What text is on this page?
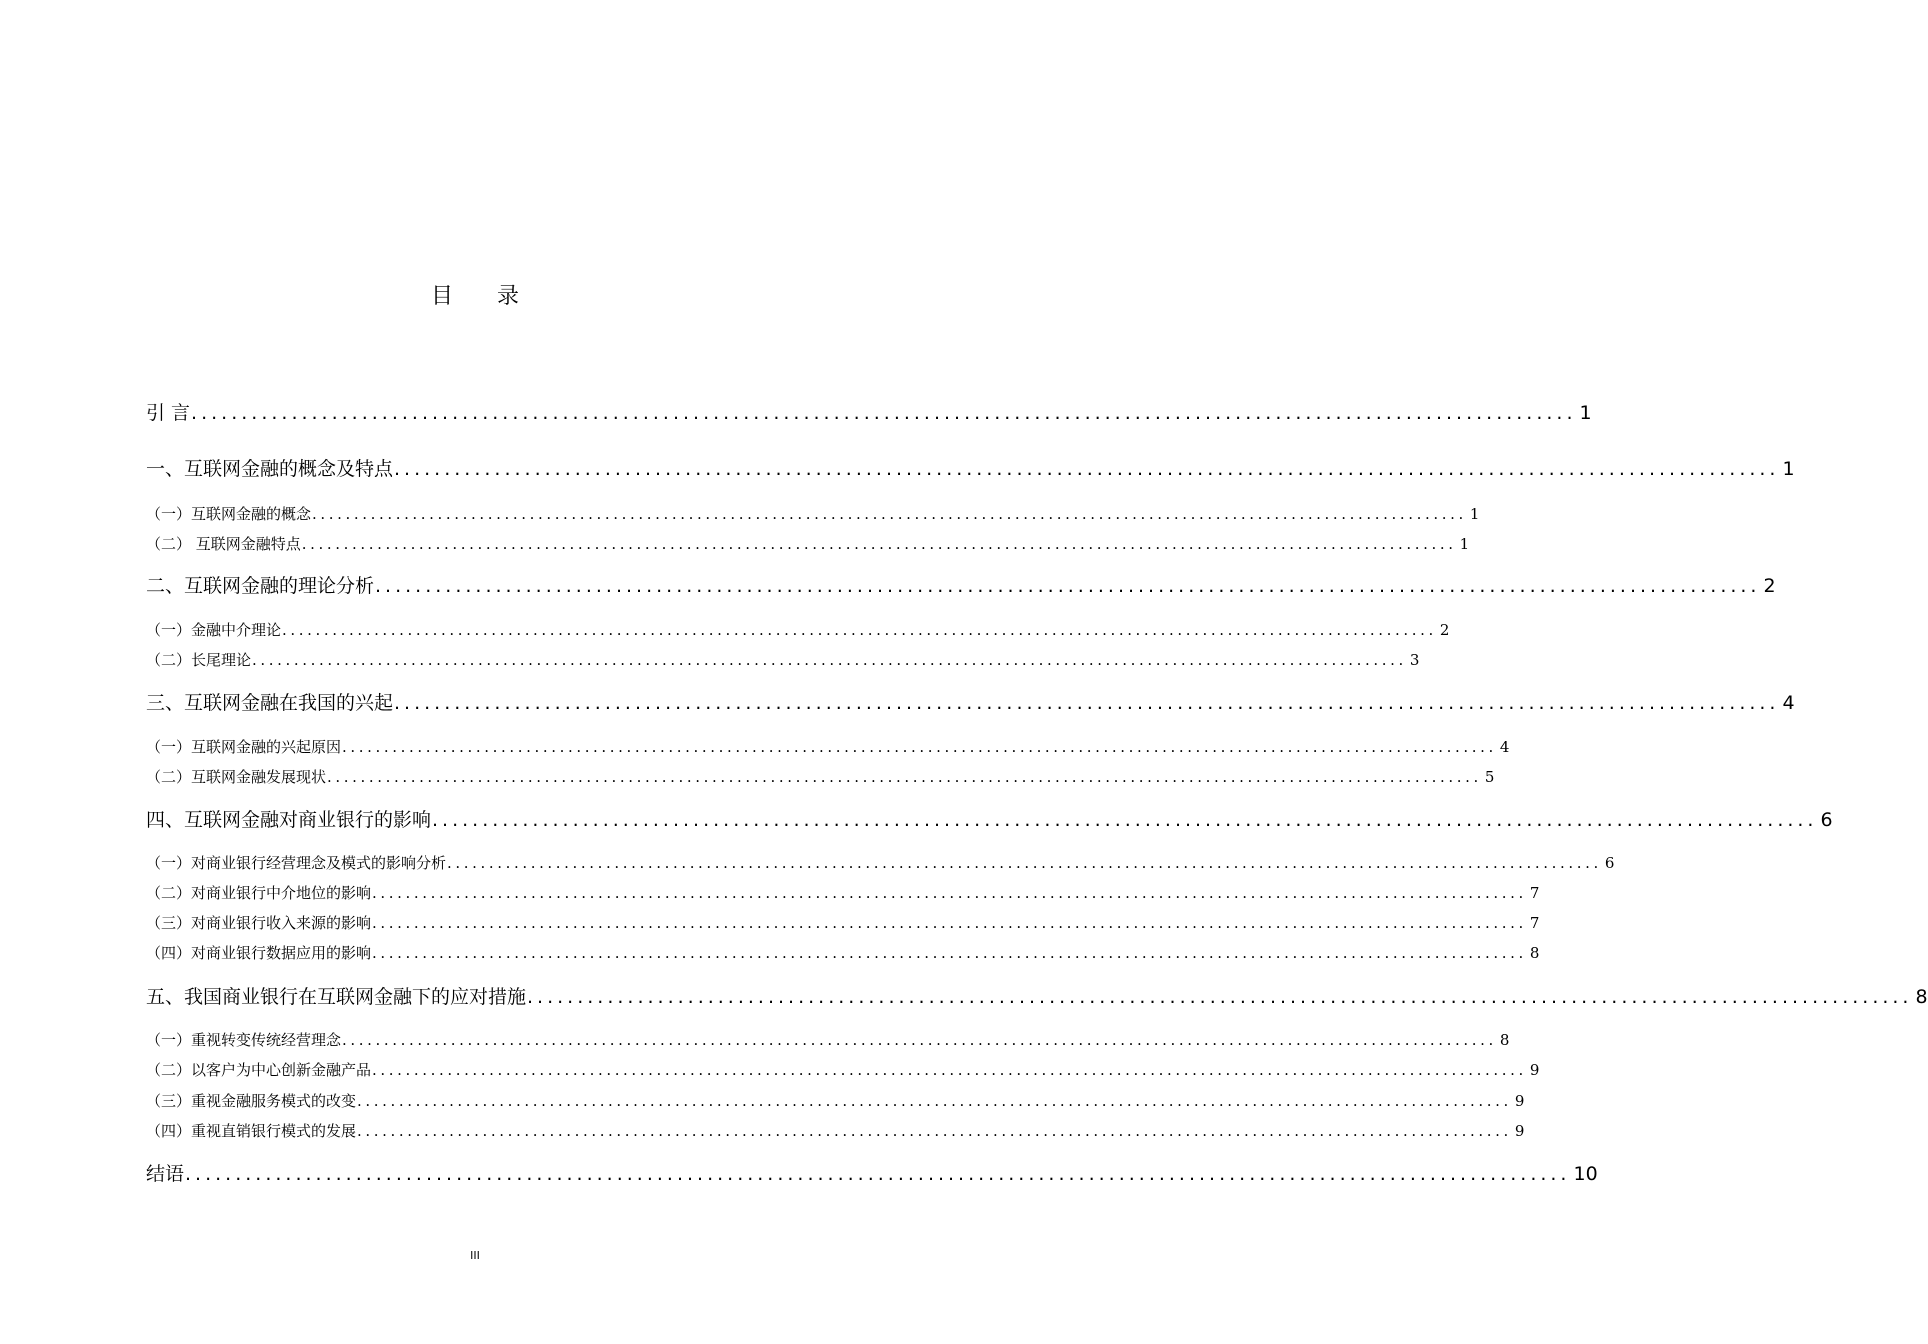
目录
引 言 .......................................................................................................................................... 1
一、互联网金融的概念及特点 .......................................................................................................................................... 1
（一）互联网金融的概念 .......................................................................................................................................... 1
（二） 互联网金融特点 .......................................................................................................................................... 1
二、互联网金融的理论分析 .......................................................................................................................................... 2
（一）金融中介理论 .......................................................................................................................................... 2
（二）长尾理论 .......................................................................................................................................... 3
三、互联网金融在我国的兴起 .......................................................................................................................................... 4
（一）互联网金融的兴起原因 .......................................................................................................................................... 4
（二）互联网金融发展现状 .......................................................................................................................................... 5
四、互联网金融对商业银行的影响 .......................................................................................................................................... 6
（一）对商业银行经营理念及模式的影响分析 .......................................................................................................................................... 6
（二）对商业银行中介地位的影响 .......................................................................................................................................... 7
（三）对商业银行收入来源的影响 .......................................................................................................................................... 7
（四）对商业银行数据应用的影响 .......................................................................................................................................... 8
五、我国商业银行在互联网金融下的应对措施 .......................................................................................................................................... 8
（一）重视转变传统经营理念 .......................................................................................................................................... 8
（二）以客户为中心创新金融产品 .......................................................................................................................................... 9
（三）重视金融服务模式的改变 .......................................................................................................................................... 9
（四）重视直销银行模式的发展 .......................................................................................................................................... 9
结语 .......................................................................................................................................... 10
III
